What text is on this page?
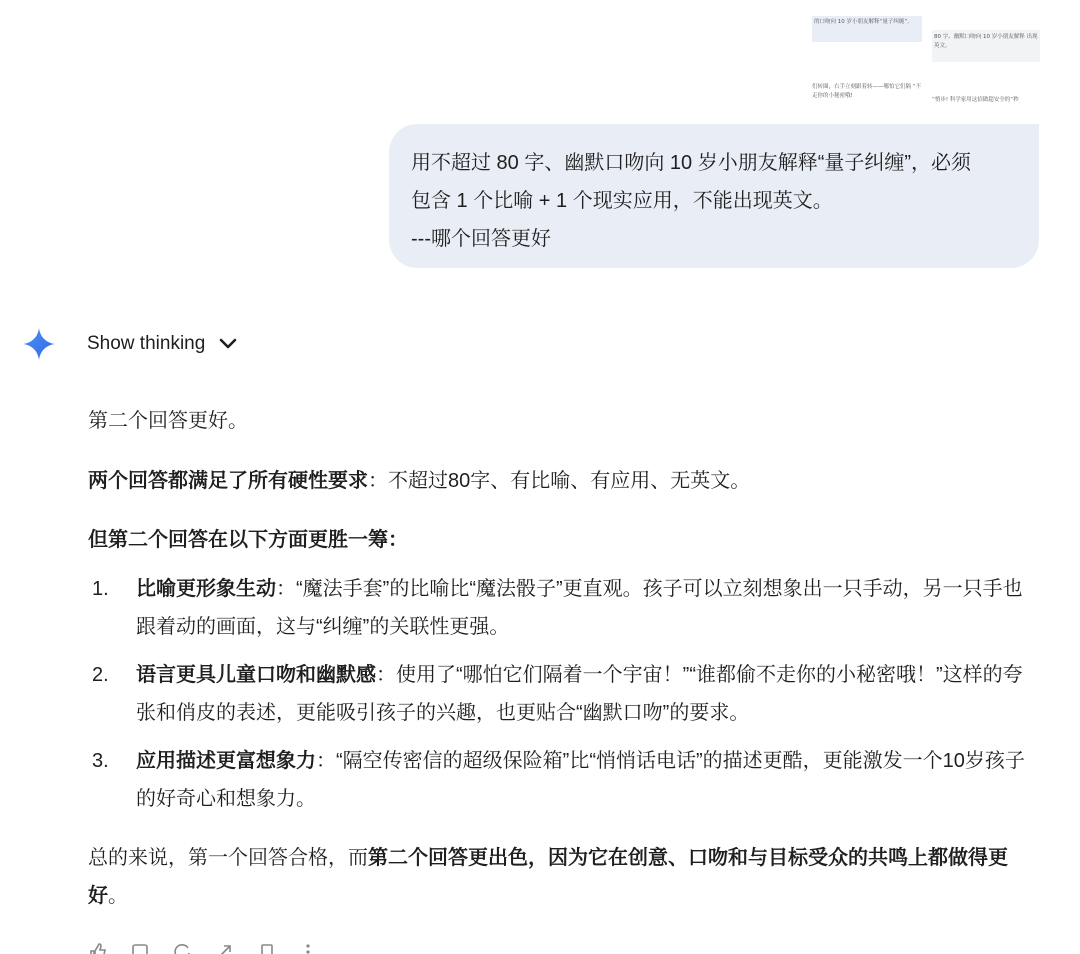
的口吻向 10 岁小朋友解释“量子纠缠”,
80 字、幽默口吻向 10 岁小朋友解释 出现英文。
们转圈，右手立刻跟着转——哪怕它们隔 “不走你的小秘密哦!
“悄步! 科学家用这招做超安全的“秒
用不超过 80 字、幽默口吻向 10 岁小朋友解释“量子纠缠”，必须
包含 1 个比喻 + 1 个现实应用，不能出现英文。
---哪个回答更好
Show thinking
第二个回答更好。
两个回答都满足了所有硬性要求：不超过80字、有比喻、有应用、无英文。
但第二个回答在以下方面更胜一筹：
1.	比喻更形象生动：“魔法手套”的比喻比“魔法骰子”更直观。孩子可以立刻想象出一只手动，另一只手也跟着动的画面，这与“纠缠”的关联性更强。
2.	语言更具儿童口吻和幽默感：使用了“哪怕它们隔着一个宇宙！”“谁都偷不走你的小秘密哦！”这样的夸张和俏皮的表述，更能吸引孩子的兴趣，也更贴合“幽默口吻”的要求。
3.	应用描述更富想象力：“隔空传密信的超级保险箱”比“悄悄话电话”的描述更酷，更能激发一个10岁孩子的好奇心和想象力。
总的来说，第一个回答合格，而第二个回答更出色，因为它在创意、口吻和与目标受众的共鸣上都做得更好。
